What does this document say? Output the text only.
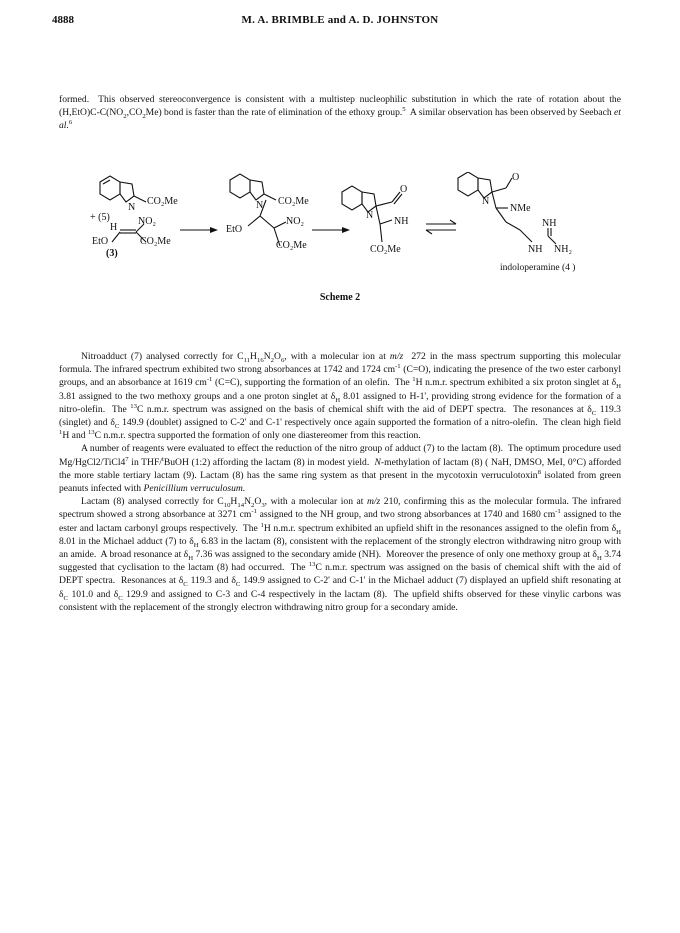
4888	M. A. BRIMBLE and A. D. JOHNSTON

formed.  This observed stereoconvergence is consistent with a multistep nucleophilic substitution in which the rate of rotation about the $(H,EtO)C-C(NO_2,CO_2Me)$ bond is faster than the rate of elimination of the ethoxy group.$^5$  A similar observation has been observed by Seebach et al.$^6$

CO₂Me
N
+ (5)
H
NO₂
EtO	CO₂Me
(3)
N CO₂Me
EtO
NO₂
CO₂Me
N
O
NH
CO₂Me
N
O
NMe
NH
NH NH₂
indoloperamine (4 )
Scheme 2

Nitroadduct (7) analysed correctly for $C_{11}H_{16}N_2O_6$, with a molecular ion at m/z  272 in the mass spectrum supporting this molecular formula. The infrared spectrum exhibited two strong absorbances at 1742 and 1724 $cm^{-1}$ (C=O), indicating the presence of the two ester carbonyl groups, and an absorbance at 1619 $cm^{-1}$ (C=C), supporting the formation of an olefin.  The $^1$H n.m.r. spectrum exhibited a six proton singlet at $\delta_H$ 3.81 assigned to the two methoxy groups and a one proton singlet at $\delta_H$ 8.01 assigned to H-1', providing strong evidence for the formation of a nitro-olefin.  The $^{13}$C n.m.r. spectrum was assigned on the basis of chemical shift with the aid of DEPT spectra.  The resonances at $\delta_C$ 119.3 (singlet) and $\delta_C$ 149.9 (doublet) assigned to C-2' and C-1' respectively once again supported the formation of a nitro-olefin.  The clean high field $^1$H and $^{13}$C n.m.r. spectra supported the formation of only one diastereomer from this reaction.

A number of reagents were evaluated to effect the reduction of the nitro group of adduct (7) to the lactam (8).  The optimum procedure used $Mg/HgCl2/TiCl4^7$ in THF/$^t$BuOH (1:2) affording the lactam (8) in modest yield.  N-methylation of lactam (8) ( NaH, DMSO, MeI, 0°C) afforded the more stable tertiary lactam (9). Lactam (8) has the same ring system as that present in the mycotoxin verruculotoxin$^8$ isolated from green peanuts infected with Penicillium verruculosum.

Lactam (8) analysed correctly for $C_{10}H_{14}N_2O_3$, with a molecular ion at m/z 210, confirming this as the molecular formula. The infrared spectrum showed a strong absorbance at 3271 $cm^{-1}$ assigned to the NH group, and two strong absorbances at 1740 and 1680 $cm^{-1}$ assigned to the ester and lactam carbonyl groups respectively.  The $^1$H n.m.r. spectrum exhibited an upfield shift in the resonances assigned to the olefin from $\delta_H$ 8.01 in the Michael adduct (7) to $\delta_H$ 6.83 in the lactam (8), consistent with the replacement of the strongly electron withdrawing nitro group with an amide.  A broad resonance at $\delta_H$ 7.36 was assigned to the secondary amide (NH).  Moreover the presence of only one methoxy group at $\delta_H$ 3.74 suggested that cyclisation to the lactam (8) had occurred.  The $^{13}$C n.m.r. spectrum was assigned on the basis of chemical shift with the aid of DEPT spectra.  Resonances at $\delta_C$ 119.3 and $\delta_C$ 149.9 assigned to C-2' and C-1' in the Michael adduct (7) displayed an upfield shift resonating at $\delta_C$ 101.0 and $\delta_C$ 129.9 and assigned to C-3 and C-4 respectively in the lactam (8).  The upfield shifts observed for these vinylic carbons was consistent with the replacement of the strongly electron withdrawing nitro group for a secondary amide.
